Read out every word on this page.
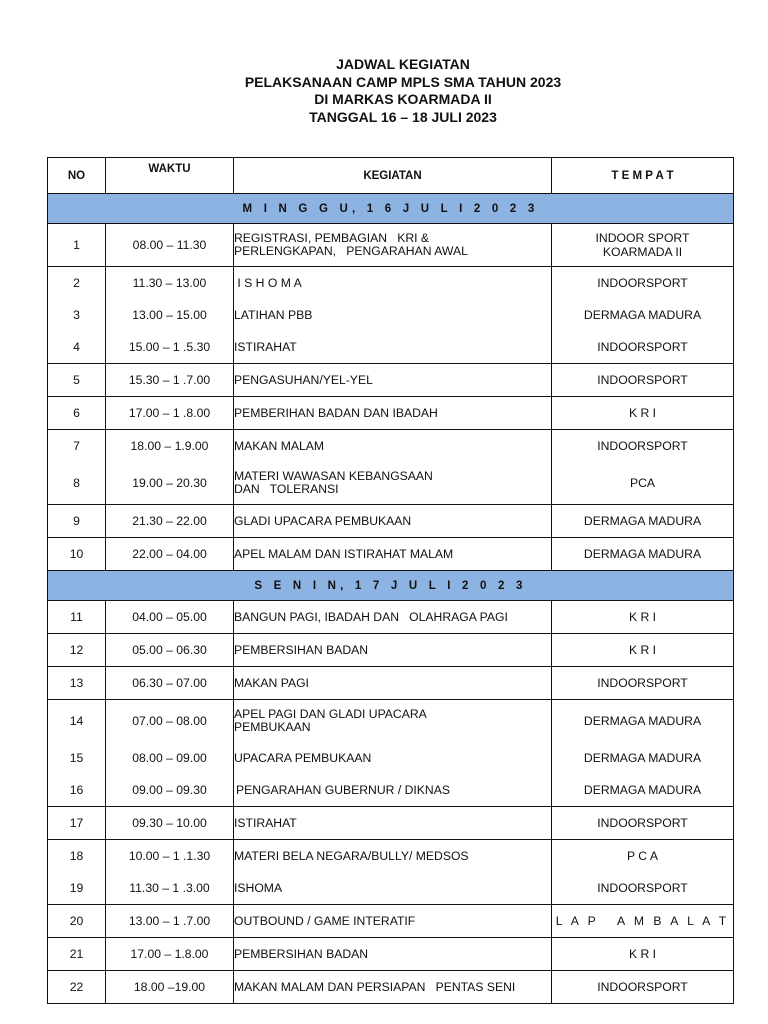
JADWAL KEGIATAN
PELAKSANAAN CAMP MPLS SMA TAHUN 2023
DI MARKAS KOARMADA II
TANGGAL 16 – 18 JULI 2023
NO	WAKTU	KEGIATAN	T E M P A T
M I N G G U, 1 6 J U L I 2 0 2 3			
1	08.00 – 11.30	REGISTRASI, PEMBAGIAN   KRI &
PERLENGKAPAN,   PENGARAHAN AWAL	INDOOR SPORT
KOARMADA II
2	11.30 – 13.00	I S H O M A	INDOORSPORT
3	13.00 – 15.00	LATIHAN PBB	DERMAGA MADURA
4	15.00 – 1 .5.30	ISTIRAHAT	INDOORSPORT
5	15.30 – 1 .7.00	PENGASUHAN/YEL-YEL	INDOORSPORT
6	17.00 – 1 .8.00	PEMBERIHAN BADAN DAN IBADAH	K R I
7	18.00 – 1.9.00	MAKAN MALAM	INDOORSPORT
8	19.00 – 20.30	MATERI WAWASAN KEBANGSAAN
DAN   TOLERANSI	PCA
9	21.30 – 22.00	GLADI UPACARA PEMBUKAAN	DERMAGA MADURA
10	22.00 – 04.00	APEL MALAM DAN ISTIRAHAT MALAM	DERMAGA MADURA
S E N I N, 1 7 J U L I 2 0 2 3			
11	04.00 – 05.00	BANGUN PAGI, IBADAH DAN   OLAHRAGA PAGI	K R I
12	05.00 – 06.30	PEMBERSIHAN BADAN	K R I
13	06.30 – 07.00	MAKAN PAGI	INDOORSPORT
14	07.00 – 08.00	APEL PAGI DAN GLADI UPACARA
PEMBUKAAN	DERMAGA MADURA
15	08.00 – 09.00	UPACARA PEMBUKAAN	DERMAGA MADURA
16	09.00 – 09.30	PENGARAHAN GUBERNUR / DIKNAS	DERMAGA MADURA
17	09.30 – 10.00	ISTIRAHAT	INDOORSPORT
18	10.00 – 1 .1.30	MATERI BELA NEGARA/BULLY/ MEDSOS	P C A
19	11.30 – 1 .3.00	ISHOMA	INDOORSPORT
20	13.00 – 1 .7.00	OUTBOUND / GAME INTERATIF	L A P   A M B A L A T
21	17.00 – 1.8.00	PEMBERSIHAN BADAN	K R I
22	18.00 –19.00	MAKAN MALAM DAN PERSIAPAN   PENTAS SENI	INDOORSPORT
